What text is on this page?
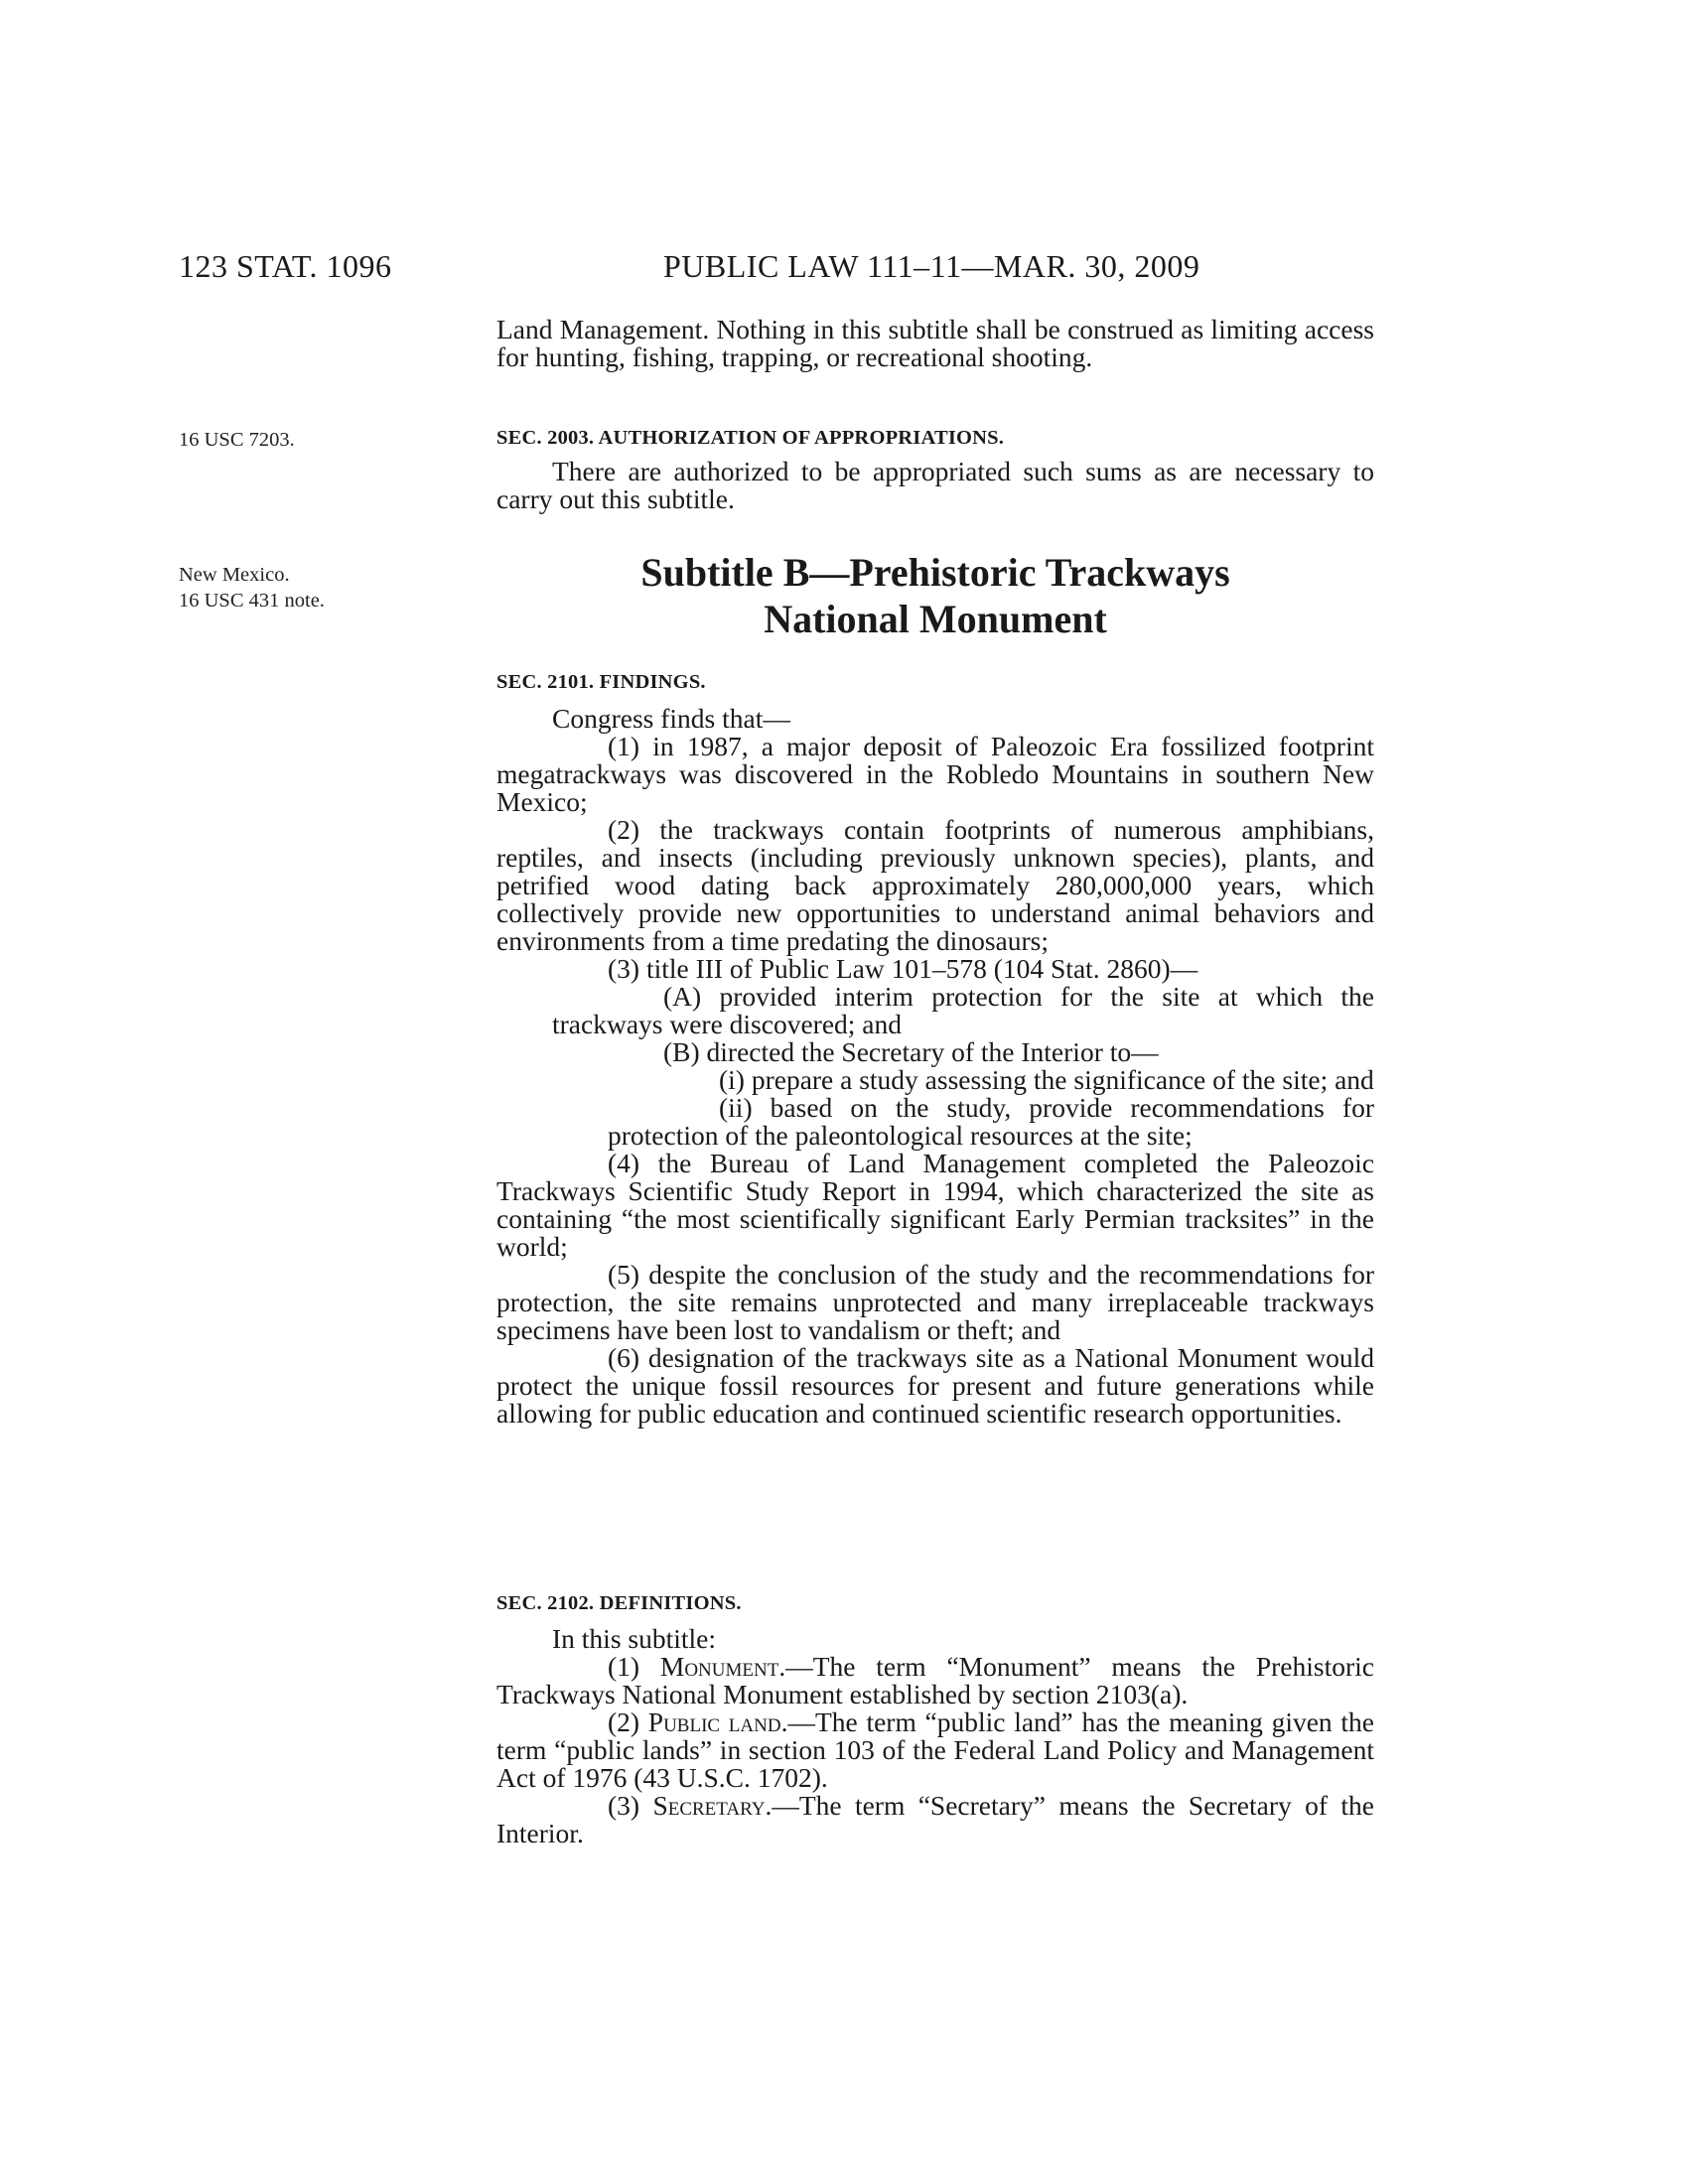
123 STAT. 1096	PUBLIC LAW 111–11—MAR. 30, 2009

Land Management. Nothing in this subtitle shall be construed as limiting access for hunting, fishing, trapping, or recreational shooting.

16 USC 7203.	SEC. 2003. AUTHORIZATION OF APPROPRIATIONS.

There are authorized to be appropriated such sums as are necessary to carry out this subtitle.

New Mexico.
16 USC 431 note.
Subtitle B—Prehistoric Trackways
National Monument
SEC. 2101. FINDINGS.

Congress finds that—

(1) in 1987, a major deposit of Paleozoic Era fossilized footprint megatrackways was discovered in the Robledo Mountains in southern New Mexico;

(2) the trackways contain footprints of numerous amphibians, reptiles, and insects (including previously unknown species), plants, and petrified wood dating back approximately 280,000,000 years, which collectively provide new opportunities to understand animal behaviors and environments from a time predating the dinosaurs;

(3) title III of Public Law 101–578 (104 Stat. 2860)—

(A) provided interim protection for the site at which the trackways were discovered; and

(B) directed the Secretary of the Interior to—

(i) prepare a study assessing the significance of the site; and

(ii) based on the study, provide recommendations for protection of the paleontological resources at the site;

(4) the Bureau of Land Management completed the Paleozoic Trackways Scientific Study Report in 1994, which characterized the site as containing “the most scientifically significant Early Permian tracksites” in the world;

(5) despite the conclusion of the study and the recommendations for protection, the site remains unprotected and many irreplaceable trackways specimens have been lost to vandalism or theft; and

(6) designation of the trackways site as a National Monument would protect the unique fossil resources for present and future generations while allowing for public education and continued scientific research opportunities.

SEC. 2102. DEFINITIONS.

In this subtitle:

(1) Monument.—The term “Monument” means the Prehistoric Trackways National Monument established by section 2103(a).

(2) Public land.—The term “public land” has the meaning given the term “public lands” in section 103 of the Federal Land Policy and Management Act of 1976 (43 U.S.C. 1702).

(3) Secretary.—The term “Secretary” means the Secretary of the Interior.
